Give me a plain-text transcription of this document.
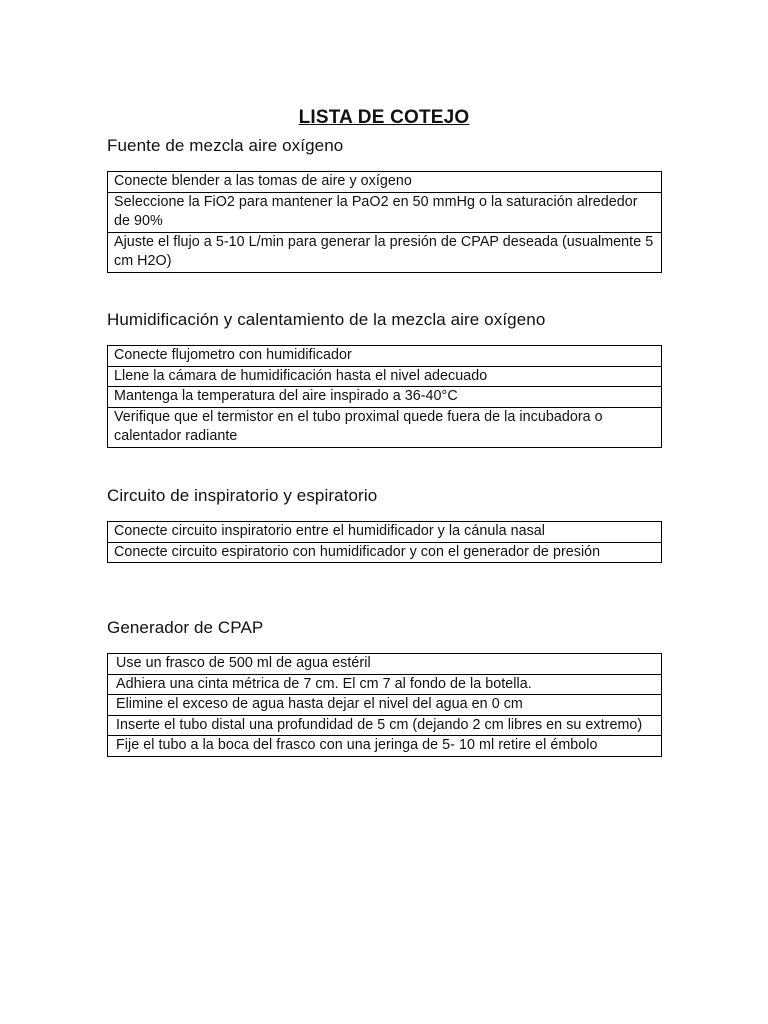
LISTA DE COTEJO
Fuente de mezcla aire oxígeno
Conecte blender a las tomas de aire y oxígeno
Seleccione la FiO2 para mantener la PaO2 en 50 mmHg o la saturación alrededor de 90%
Ajuste el flujo a 5-10 L/min para generar la presión de CPAP deseada (usualmente 5 cm H2O)
Humidificación y calentamiento de la mezcla aire oxígeno
Conecte flujometro con humidificador
Llene la cámara de humidificación hasta el nivel adecuado
Mantenga la temperatura del aire inspirado a 36-40°C
Verifique que el termistor en el tubo proximal quede fuera de la incubadora o calentador radiante
Circuito de inspiratorio y espiratorio
Conecte circuito inspiratorio entre el humidificador y la cánula nasal
Conecte circuito espiratorio con humidificador y con el generador de presión
Generador de CPAP
Use un frasco de 500 ml de agua estéril
Adhiera una cinta métrica de 7 cm. El cm 7 al fondo de la botella.
Elimine el exceso de agua hasta dejar el nivel del agua en 0 cm
Inserte el tubo distal una profundidad de 5 cm (dejando 2 cm libres en su extremo)
Fije el tubo a la boca del frasco con una jeringa de 5- 10 ml retire el émbolo
